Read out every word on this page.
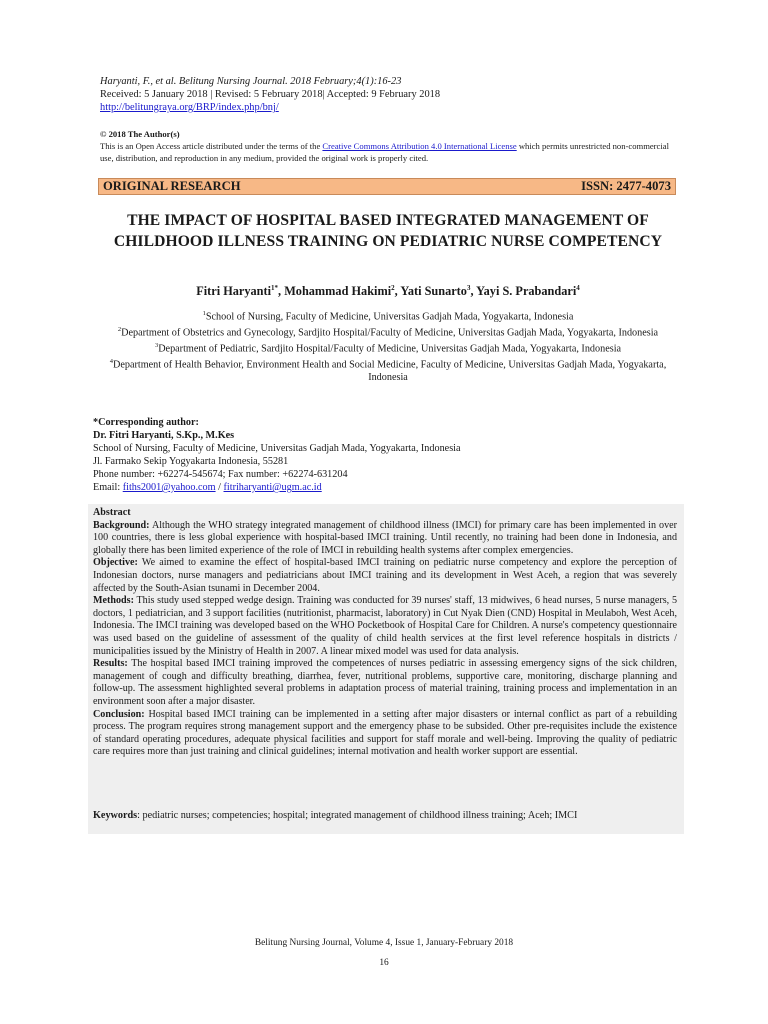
Haryanti, F., et al. Belitung Nursing Journal. 2018 February;4(1):16-23
Received: 5 January 2018 | Revised: 5 February 2018| Accepted: 9 February 2018
http://belitungraya.org/BRP/index.php/bnj/
© 2018 The Author(s)
This is an Open Access article distributed under the terms of the Creative Commons Attribution 4.0 International License which permits unrestricted non-commercial use, distribution, and reproduction in any medium, provided the original work is properly cited.
ORIGINAL RESEARCH	ISSN: 2477-4073
THE IMPACT OF HOSPITAL BASED INTEGRATED MANAGEMENT OF CHILDHOOD ILLNESS TRAINING ON PEDIATRIC NURSE COMPETENCY
Fitri Haryanti$^{1*}$, Mohammad Hakimi$^2$, Yati Sunarto$^3$, Yayi S. Prabandari$^4$
$^1$School of Nursing, Faculty of Medicine, Universitas Gadjah Mada, Yogyakarta, Indonesia
$^2$Department of Obstetrics and Gynecology, Sardjito Hospital/Faculty of Medicine, Universitas Gadjah Mada, Yogyakarta, Indonesia
$^3$Department of Pediatric, Sardjito Hospital/Faculty of Medicine, Universitas Gadjah Mada, Yogyakarta, Indonesia
$^4$Department of Health Behavior, Environment Health and Social Medicine, Faculty of Medicine, Universitas Gadjah Mada, Yogyakarta, Indonesia
*Corresponding author:
Dr. Fitri Haryanti, S.Kp., M.Kes
School of Nursing, Faculty of Medicine, Universitas Gadjah Mada, Yogyakarta, Indonesia
Jl. Farmako Sekip Yogyakarta Indonesia, 55281
Phone number: +62274-545674; Fax number: +62274-631204
Email: fiths2001@yahoo.com / fitriharyanti@ugm.ac.id

Abstract

Background: Although the WHO strategy integrated management of childhood illness (IMCI) for primary care has been implemented in over 100 countries, there is less global experience with hospital-based IMCI training. Until recently, no training had been done in Indonesia, and globally there has been limited experience of the role of IMCI in rebuilding health systems after complex emergencies.

Objective: We aimed to examine the effect of hospital-based IMCI training on pediatric nurse competency and explore the perception of Indonesian doctors, nurse managers and pediatricians about IMCI training and its development in West Aceh, a region that was severely affected by the South-Asian tsunami in December 2004.

Methods: This study used stepped wedge design. Training was conducted for 39 nurses' staff, 13 midwives, 6 head nurses, 5 nurse managers, 5 doctors, 1 pediatrician, and 3 support facilities (nutritionist, pharmacist, laboratory) in Cut Nyak Dien (CND) Hospital in Meulaboh, West Aceh, Indonesia. The IMCI training was developed based on the WHO Pocketbook of Hospital Care for Children. A nurse's competency questionnaire was used based on the guideline of assessment of the quality of child health services at the first level reference hospitals in districts / municipalities issued by the Ministry of Health in 2007. A linear mixed model was used for data analysis.

Results: The hospital based IMCI training improved the competences of nurses pediatric in assessing emergency signs of the sick children, management of cough and difficulty breathing, diarrhea, fever, nutritional problems, supportive care, monitoring, discharge planning and follow-up. The assessment highlighted several problems in adaptation process of material training, training process and implementation in an environment soon after a major disaster.

Conclusion: Hospital based IMCI training can be implemented in a setting after major disasters or internal conflict as part of a rebuilding process. The program requires strong management support and the emergency phase to be subsided. Other pre-requisites include the existence of standard operating procedures, adequate physical facilities and support for staff morale and well-being. Improving the quality of pediatric care requires more than just training and clinical guidelines; internal motivation and health worker support are essential.

Keywords: pediatric nurses; competencies; hospital; integrated management of childhood illness training; Aceh; IMCI
Belitung Nursing Journal, Volume 4, Issue 1, January-February 2018
16
